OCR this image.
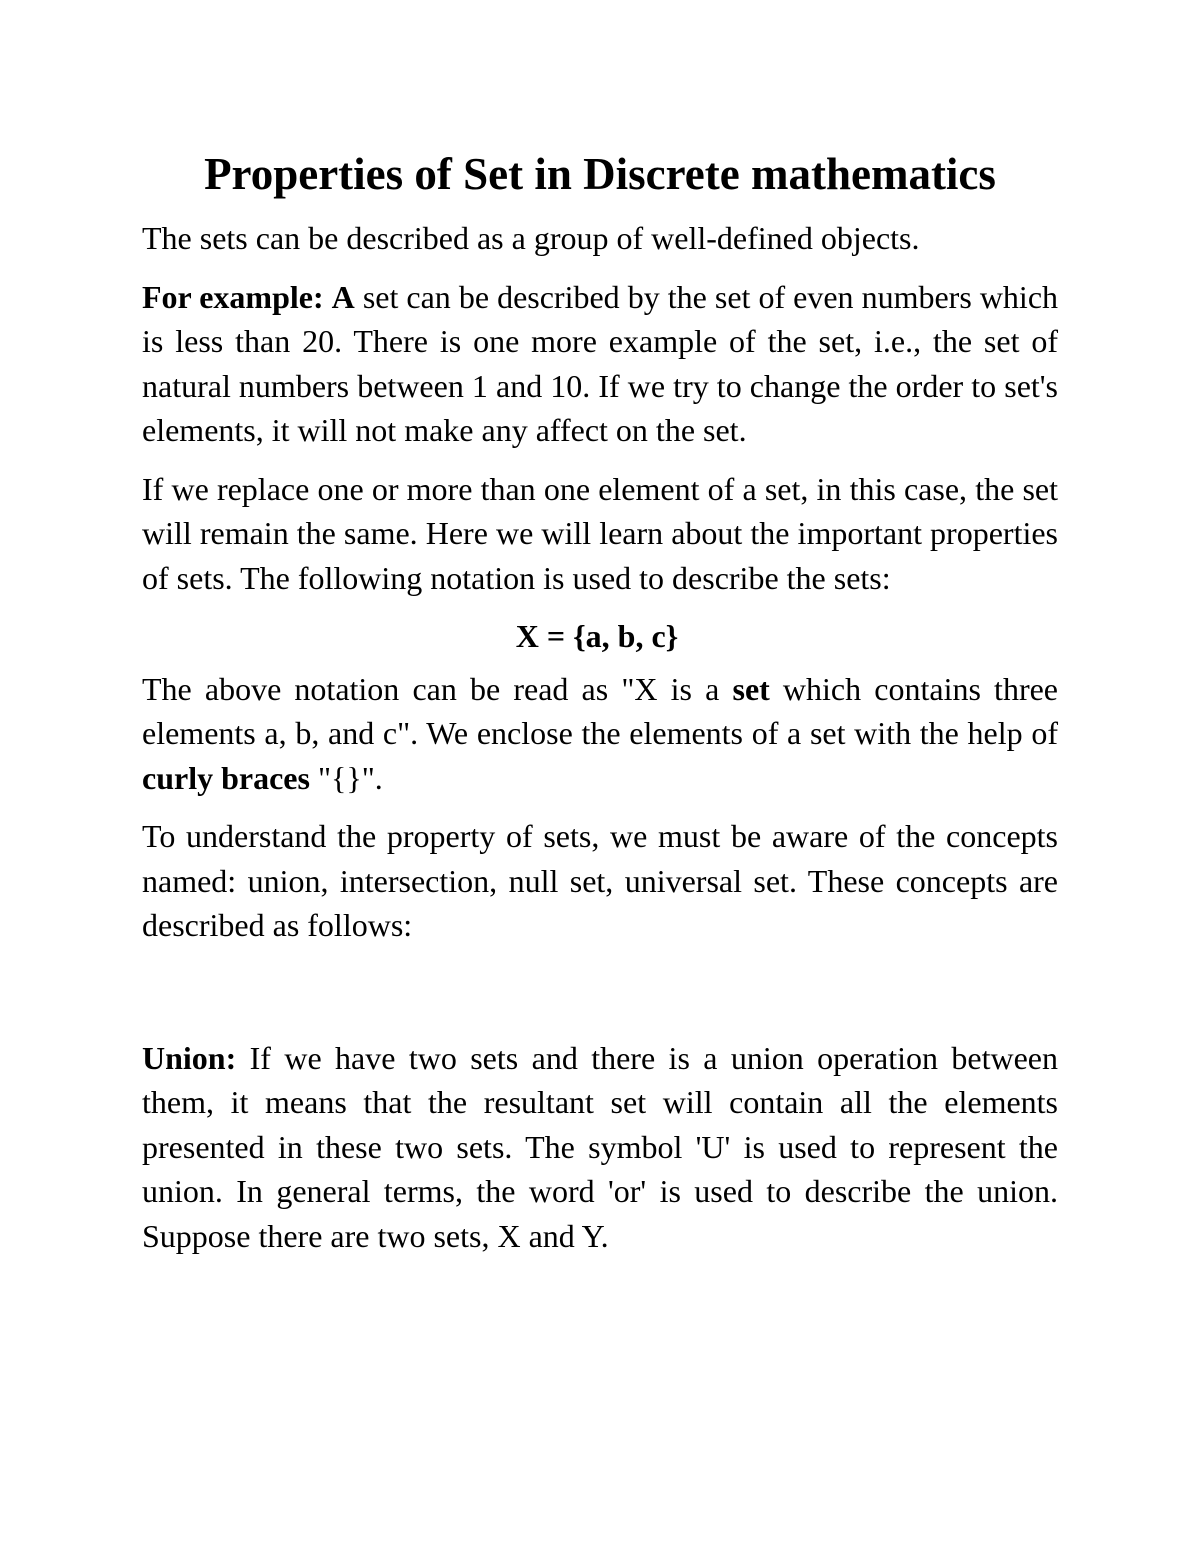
Properties of Set in Discrete mathematics

The sets can be described as a group of well-defined objects.

For example: A set can be described by the set of even numbers which is less than 20. There is one more example of the set, i.e., the set of natural numbers between 1 and 10. If we try to change the order to set's elements, it will not make any affect on the set.

If we replace one or more than one element of a set, in this case, the set will remain the same. Here we will learn about the important properties of sets. The following notation is used to describe the sets:

X = {a, b, c}

The above notation can be read as "X is a set which contains three elements a, b, and c". We enclose the elements of a set with the help of curly braces "{}".

To understand the property of sets, we must be aware of the concepts named: union, intersection, null set, universal set. These concepts are described as follows:

Union: If we have two sets and there is a union operation between them, it means that the resultant set will contain all the elements presented in these two sets. The symbol 'U' is used to represent the union. In general terms, the word 'or' is used to describe the union. Suppose there are two sets, X and Y.
